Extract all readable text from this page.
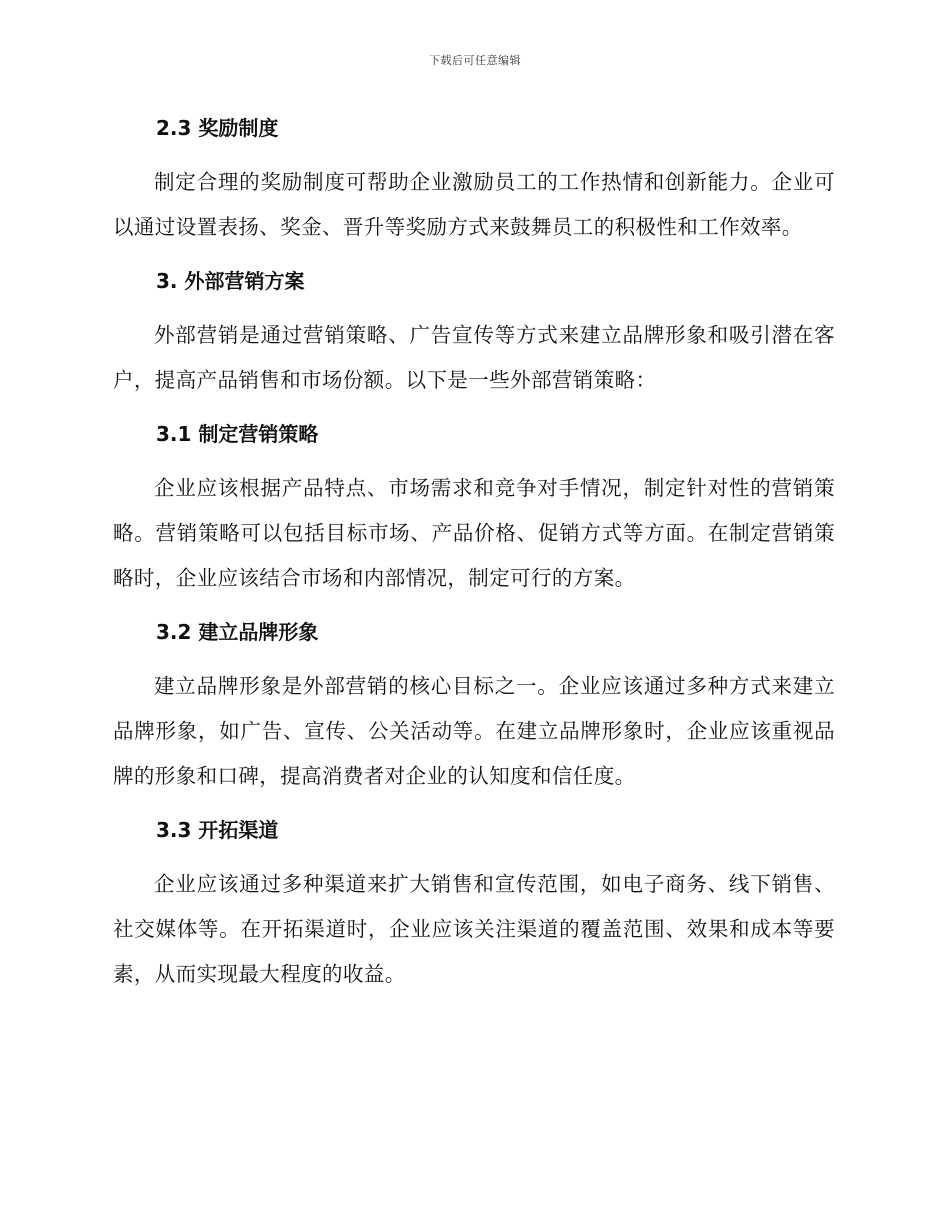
下载后可任意编辑
2.3 奖励制度

制定合理的奖励制度可帮助企业激励员工的工作热情和创新能力。企业可以通过设置表扬、奖金、晋升等奖励方式来鼓舞员工的积极性和工作效率。

3. 外部营销方案

外部营销是通过营销策略、广告宣传等方式来建立品牌形象和吸引潜在客户，提高产品销售和市场份额。以下是一些外部营销策略：

3.1 制定营销策略

企业应该根据产品特点、市场需求和竞争对手情况，制定针对性的营销策略。营销策略可以包括目标市场、产品价格、促销方式等方面。在制定营销策略时，企业应该结合市场和内部情况，制定可行的方案。

3.2 建立品牌形象

建立品牌形象是外部营销的核心目标之一。企业应该通过多种方式来建立品牌形象，如广告、宣传、公关活动等。在建立品牌形象时，企业应该重视品牌的形象和口碑，提高消费者对企业的认知度和信任度。

3.3 开拓渠道

企业应该通过多种渠道来扩大销售和宣传范围，如电子商务、线下销售、社交媒体等。在开拓渠道时，企业应该关注渠道的覆盖范围、效果和成本等要素，从而实现最大程度的收益。
